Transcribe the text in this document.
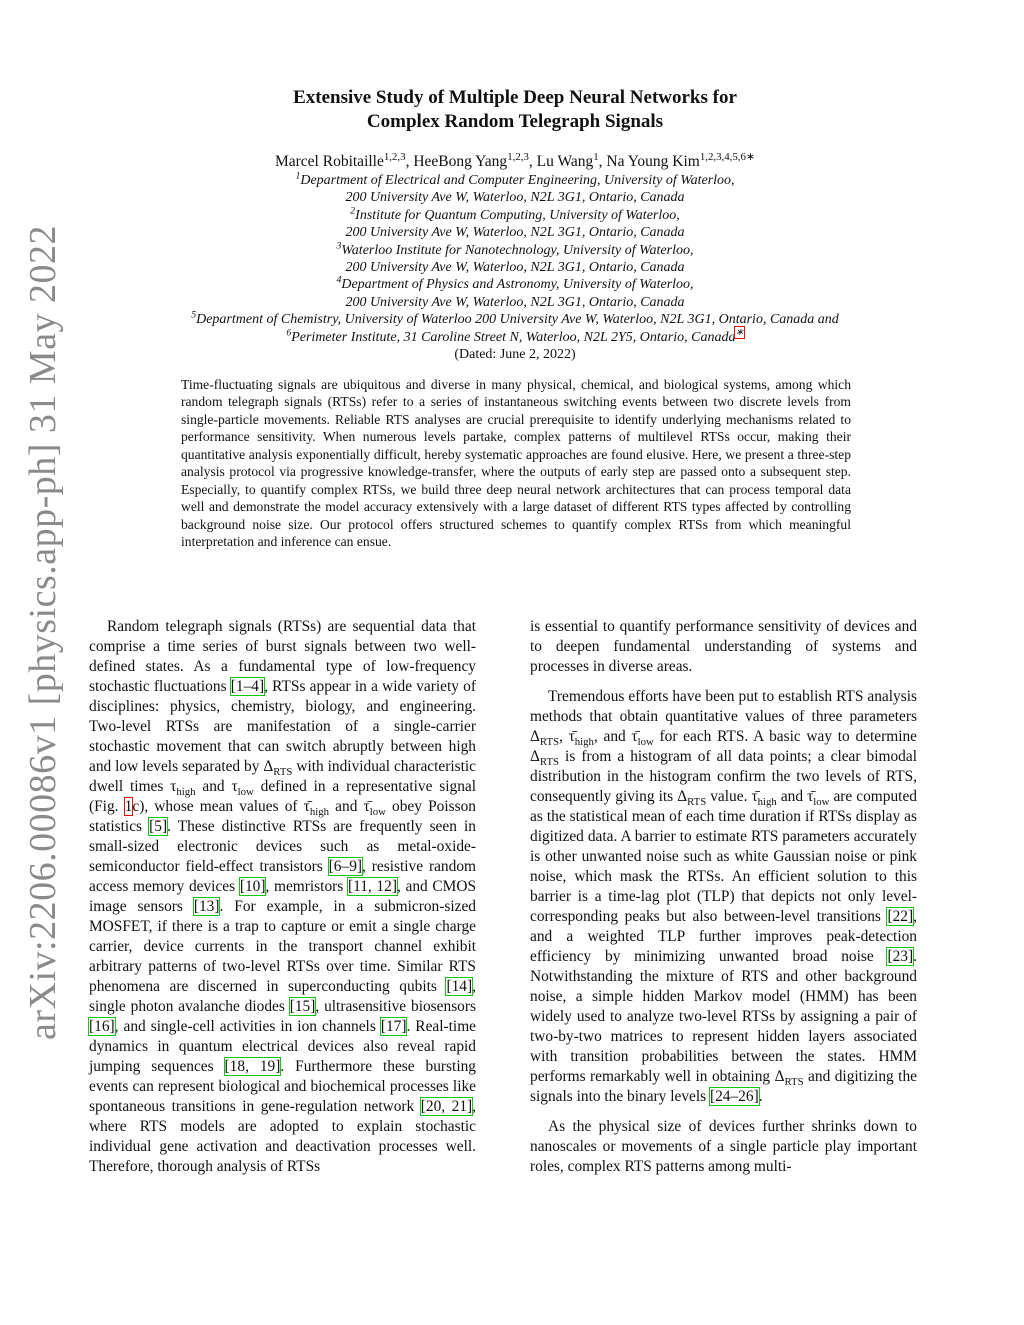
arXiv:2206.00086v1 [physics.app-ph] 31 May 2022
Extensive Study of Multiple Deep Neural Networks for
Complex Random Telegraph Signals
Marcel Robitaille$^{1,2,3}$, HeeBong Yang$^{1,2,3}$, Lu Wang$^1$, Na Young Kim$^{1,2,3,4,5,6∗}$
$^1$Department of Electrical and Computer Engineering, University of Waterloo,
200 University Ave W, Waterloo, N2L 3G1, Ontario, Canada
$^2$Institute for Quantum Computing, University of Waterloo,
200 University Ave W, Waterloo, N2L 3G1, Ontario, Canada
$^3$Waterloo Institute for Nanotechnology, University of Waterloo,
200 University Ave W, Waterloo, N2L 3G1, Ontario, Canada
$^4$Department of Physics and Astronomy, University of Waterloo,
200 University Ave W, Waterloo, N2L 3G1, Ontario, Canada
$^5$Department of Chemistry, University of Waterloo 200 University Ave W, Waterloo, N2L 3G1, Ontario, Canada and
$^6$Perimeter Institute, 31 Caroline Street N, Waterloo, N2L 2Y5, Ontario, Canada∗
(Dated: June 2, 2022)
Time-fluctuating signals are ubiquitous and diverse in many physical, chemical, and biological systems, among which random telegraph signals (RTSs) refer to a series of instantaneous switching events between two discrete levels from single-particle movements. Reliable RTS analyses are crucial prerequisite to identify underlying mechanisms related to performance sensitivity. When numerous levels partake, complex patterns of multilevel RTSs occur, making their quantitative analysis exponentially difficult, hereby systematic approaches are found elusive. Here, we present a three-step analysis protocol via progressive knowledge-transfer, where the outputs of early step are passed onto a subsequent step. Especially, to quantify complex RTSs, we build three deep neural network architectures that can process temporal data well and demonstrate the model accuracy extensively with a large dataset of different RTS types affected by controlling background noise size. Our protocol offers structured schemes to quantify complex RTSs from which meaningful interpretation and inference can ensue.

Random telegraph signals (RTSs) are sequential data that comprise a time series of burst signals between two well-defined states. As a fundamental type of low-frequency stochastic fluctuations [1–4], RTSs appear in a wide variety of disciplines: physics, chemistry, biology, and engineering. Two-level RTSs are manifestation of a single-carrier stochastic movement that can switch abruptly between high and low levels separated by $\Delta_{RTS}$ with individual characteristic dwell times $\tau_{high}$ and $\tau_{low}$ defined in a representative signal (Fig. 1c), whose mean values of $\taū_{high}$ and $\taū_{low}$ obey Poisson statistics [5]. These distinctive RTSs are frequently seen in small-sized electronic devices such as metal-oxide-semiconductor field-effect transistors [6–9], resistive random access memory devices [10], memristors [11, 12], and CMOS image sensors [13]. For example, in a submicron-sized MOSFET, if there is a trap to capture or emit a single charge carrier, device currents in the transport channel exhibit arbitrary patterns of two-level RTSs over time. Similar RTS phenomena are discerned in superconducting qubits [14], single photon avalanche diodes [15], ultrasensitive biosensors [16], and single-cell activities in ion channels [17]. Real-time dynamics in quantum electrical devices also reveal rapid jumping sequences [18, 19]. Furthermore these bursting events can represent biological and biochemical processes like spontaneous transitions in gene-regulation network [20, 21], where RTS models are adopted to explain stochastic individual gene activation and deactivation processes well. Therefore, thorough analysis of RTSs

is essential to quantify performance sensitivity of devices and to deepen fundamental understanding of systems and processes in diverse areas.

Tremendous efforts have been put to establish RTS analysis methods that obtain quantitative values of three parameters $\Delta_{RTS}$, $\taū_{high}$, and $\taū_{low}$ for each RTS. A basic way to determine $\Delta_{RTS}$ is from a histogram of all data points; a clear bimodal distribution in the histogram confirm the two levels of RTS, consequently giving its $\Delta_{RTS}$ value. $\taū_{high}$ and $\taū_{low}$ are computed as the statistical mean of each time duration if RTSs display as digitized data. A barrier to estimate RTS parameters accurately is other unwanted noise such as white Gaussian noise or pink noise, which mask the RTSs. An efficient solution to this barrier is a time-lag plot (TLP) that depicts not only level-corresponding peaks but also between-level transitions [22], and a weighted TLP further improves peak-detection efficiency by minimizing unwanted broad noise [23]. Notwithstanding the mixture of RTS and other background noise, a simple hidden Markov model (HMM) has been widely used to analyze two-level RTSs by assigning a pair of two-by-two matrices to represent hidden layers associated with transition probabilities between the states. HMM performs remarkably well in obtaining $\Delta_{RTS}$ and digitizing the signals into the binary levels [24–26].

As the physical size of devices further shrinks down to nanoscales or movements of a single particle play important roles, complex RTS patterns among multi-
